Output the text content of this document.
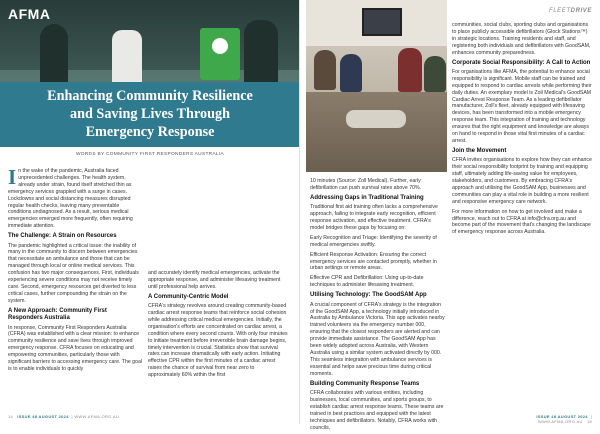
AFMA
Enhancing Community Resilience
and Saving Lives Through
Emergency Response
WORDS BY COMMUNITY FIRST RESPONDERS AUSTRALIA

In the wake of the pandemic, Australia faced unprecedented challenges. The health system, already under strain, found itself stretched thin as emergency services grappled with a surge in cases. Lockdowns and social distancing measures disrupted regular health checks, leaving many preventable conditions undiagnosed. As a result, serious medical emergencies emerged more frequently, often requiring immediate attention.

The Challenge: A Strain on Resources

The pandemic highlighted a critical issue: the inability of many in the community to discern between emergencies that necessitate an ambulance and those that can be managed through local or online medical services. This confusion has two major consequences. First, individuals experiencing severe conditions may not receive timely care. Second, emergency resources get diverted to less critical cases, further compounding the strain on the system.

A New Approach: Community First Responders Australia

In response, Community First Responders Australia (CFRA) was established with a clear mission: to enhance community resilience and save lives through improved emergency response. CFRA focuses on educating and empowering communities, particularly those with significant barriers to accessing emergency care. The goal is to enable individuals to quickly

and accurately identify medical emergencies, activate the appropriate response, and administer lifesaving treatment until professional help arrives.

A Community-Centric Model

CFRA's strategy revolves around creating community-based cardiac arrest response teams that reinforce social cohesion while addressing critical medical emergencies. Initially, the organisation's efforts are concentrated on cardiac arrest, a condition where every second counts. With only four minutes to initiate treatment before irreversible brain damage begins, timely intervention is crucial. Statistics show that survival rates can increase dramatically with early action. Initiating effective CPR within the first minutes of a cardiac arrest raises the chance of survival from near zero to approximately 60% within the first

14 ISSUE 48 AUGUST 2024  | WWW.AFMA.ORG.AU
FLEETDRIVE

10 minutes (Source: Zoll Medical). Further, early defibrillation can push survival rates above 70%.

Addressing Gaps in Traditional Training

Traditional first aid training often lacks a comprehensive approach, failing to integrate early recognition, efficient response activation, and effective treatment. CFRA's model bridges these gaps by focusing on:

Early Recognition and Triage: Identifying the severity of medical emergencies swiftly.

Efficient Response Activation: Ensuring the correct emergency services are contacted promptly, whether in urban settings or remote areas.

Effective CPR and Defibrillation: Using up-to-date techniques to administer lifesaving treatment.

Utilising Technology: The GoodSAM App

A crucial component of CFRA's strategy is the integration of the GoodSAM App, a technology initially introduced in Australia by Ambulance Victoria. This app activates nearby trained volunteers via the emergency number 000, ensuring that the closest responders are alerted and can provide immediate assistance. The GoodSAM App has been widely adopted across Australia, with Western Australia using a similar system activated directly by 000. This seamless integration with ambulance services is essential and helps save precious time during critical moments.

Building Community Response Teams

CFRA collaborates with various entities, including businesses, local communities, and sports groups, to establish cardiac arrest response teams. These teams are trained in best practices and equipped with the latest techniques and defibrillators. Notably, CFRA works with councils,

communities, social clubs, sporting clubs and organisations to place publicly accessible defibrillators (Glock Stations™) in strategic locations. Training residents and staff, and registering both individuals and defibrillators with GoodSAM, enhances community preparedness.

Corporate Social Responsibility: A Call to Action

For organisations like AFMA, the potential to enhance social responsibility is significant. Mobile staff can be trained and equipped to respond to cardiac arrests while performing their daily duties. An exemplary model is Zoll Medical's GoodSAM Cardiac Arrest Response Team. As a leading defibrillator manufacturer, Zoll's fleet, already equipped with lifesaving devices, has been transformed into a mobile emergency response team. This integration of training and technology ensures that the right equipment and knowledge are always on hand to respond in those vital first minutes of a cardiac arrest.

Join the Movement

CFRA invites organisations to explore how they can enhance their social responsibility footprint by training and equipping staff, ultimately adding life-saving value for employees, stakeholders, and customers. By embracing CFRA's approach and utilising the GoodSAM App, businesses and communities can play a vital role in building a more resilient and responsive emergency care network.

For more information on how to get involved and make a difference, reach out to CFRA at info@cfra.org.au and become part of the movement that's changing the landscape of emergency response across Australia.

ISSUE 48 AUGUST 2024  | WWW.AFMA.ORG.AU 15
